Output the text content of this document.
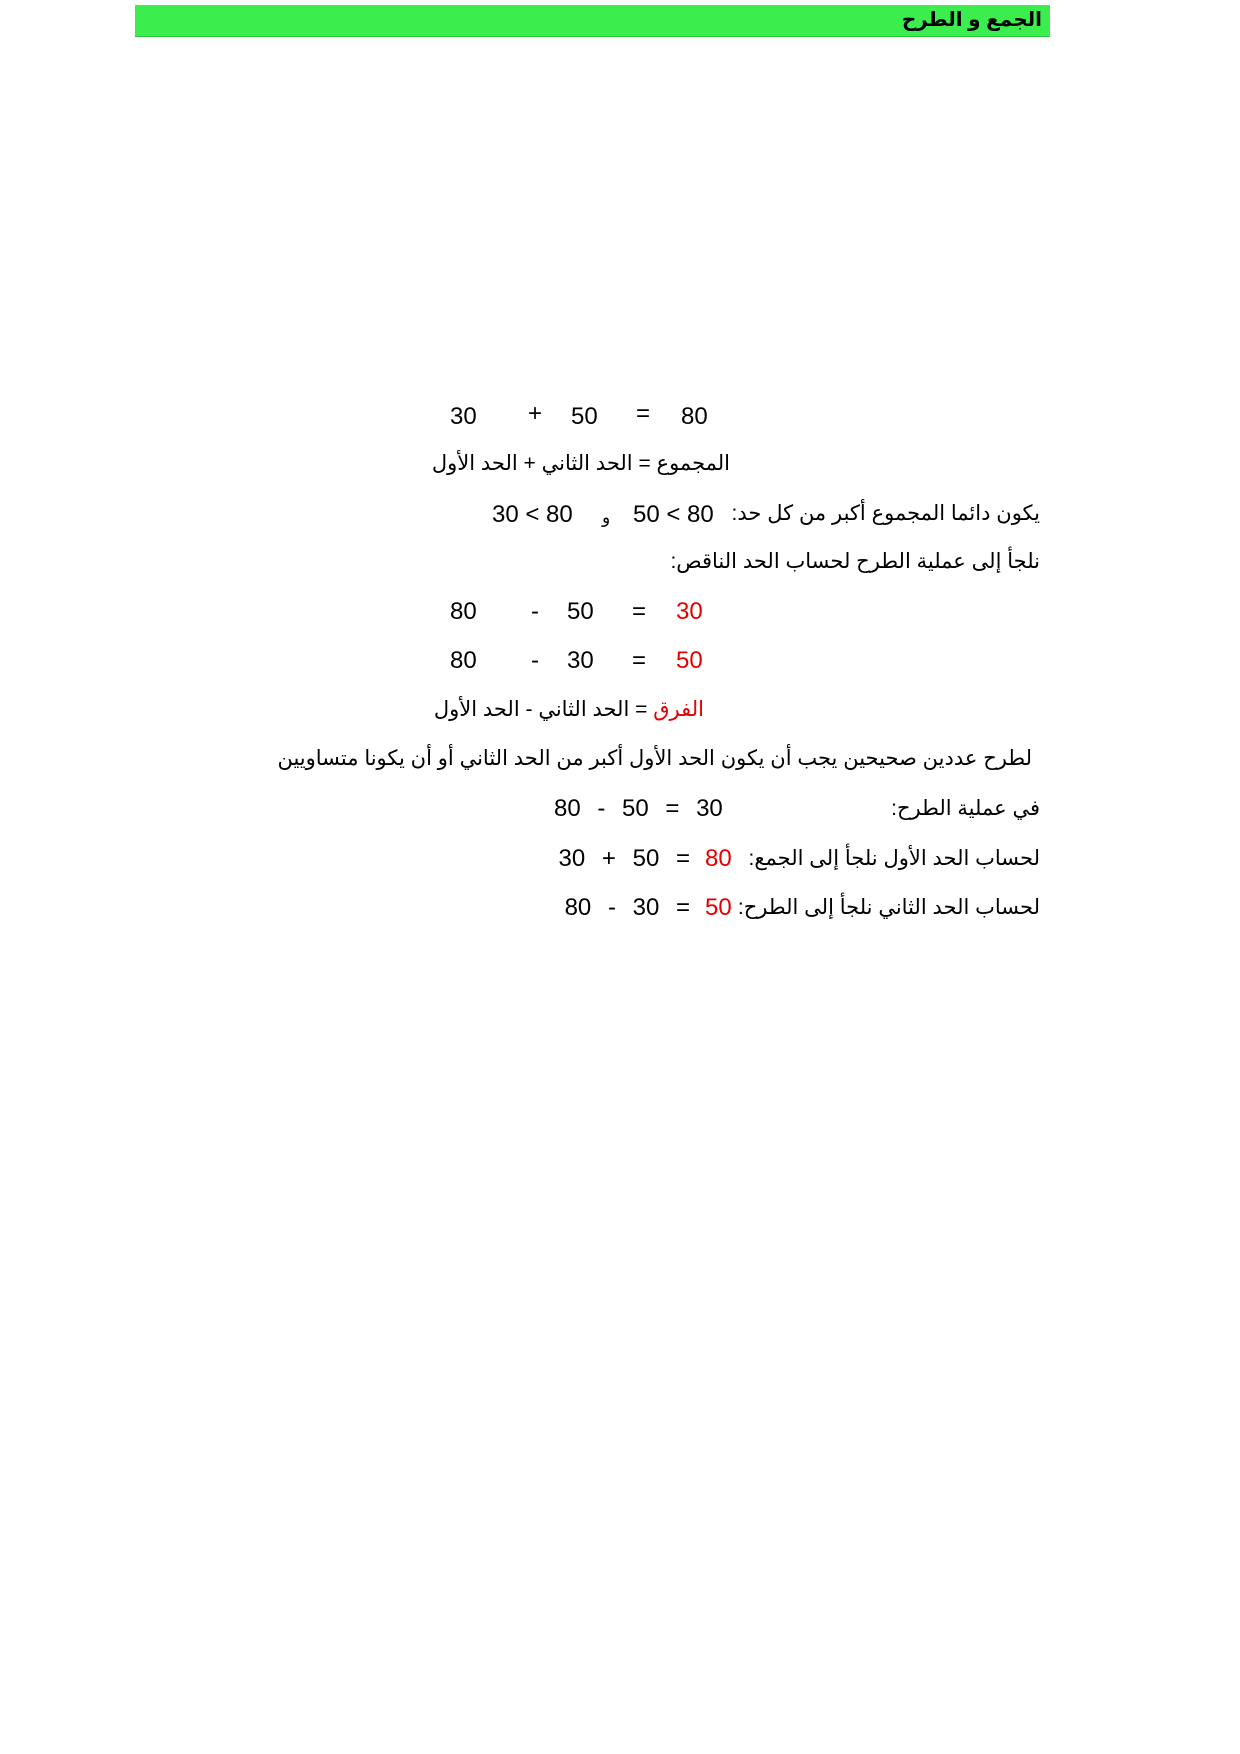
الجمع و الطرح
30 + 50 = 80
المجموع = الحد الثاني + الحد الأول
يكون دائما المجموع أكبر من كل حد:
50 < 80
و
30 < 80
نلجأ إلى عملية الطرح لحساب الحد الناقص:
80 - 50 = 30
80 - 30 = 50
الفرق = الحد الثاني - الحد الأول
لطرح عددين صحيحين يجب أن يكون الحد الأول أكبر من الحد الثاني أو أن يكونا متساويين
في عملية الطرح:
80 - 50 = 30
لحساب الحد الأول نلجأ إلى الجمع:
80
= 50 + 30
لحساب الحد الثاني نلجأ إلى الطرح:
50
= 30 - 80
